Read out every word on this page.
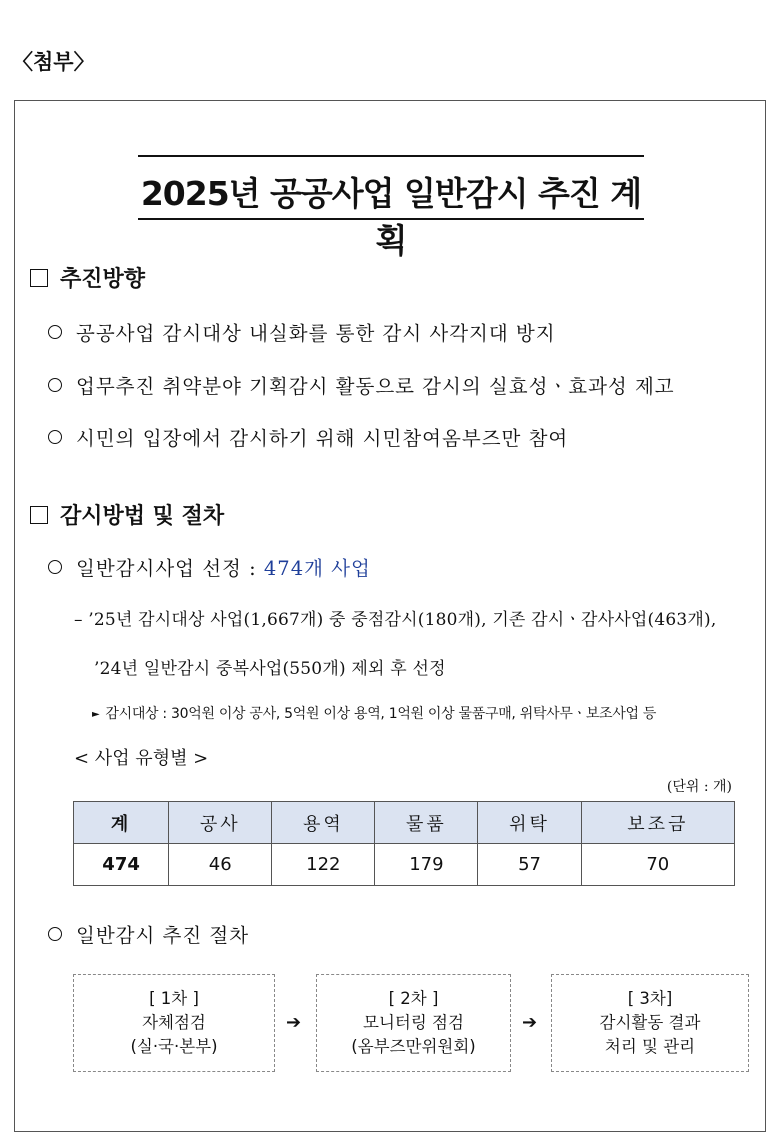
〈첨부〉
2025년 공공사업 일반감시 추진 계획
추진방향
공공사업 감시대상 내실화를 통한 감시 사각지대 방지
업무추진 취약분야 기획감시 활동으로 감시의 실효성ㆍ효과성 제고
시민의 입장에서 감시하기 위해 시민참여옴부즈만 참여
감시방법 및 절차
일반감시사업 선정 : 474개 사업
– ’25년 감시대상 사업(1,667개) 중 중점감시(180개), 기존 감시ㆍ감사사업(463개),
’24년 일반감시 중복사업(550개) 제외 후 선정
► 감시대상 : 30억원 이상 공사, 5억원 이상 용역, 1억원 이상 물품구매, 위탁사무ㆍ보조사업 등
< 사업 유형별 >
(단위 : 개)
계	공사	용역	물품	위탁	보조금
474	46	122	179	57	70
일반감시 추진 절차
[ 1차 ]
자체점검
(실·국·본부)
➔
[ 2차 ]
모니터링 점검
(옴부즈만위원회)
➔
[ 3차]
감시활동 결과
처리 및 관리
